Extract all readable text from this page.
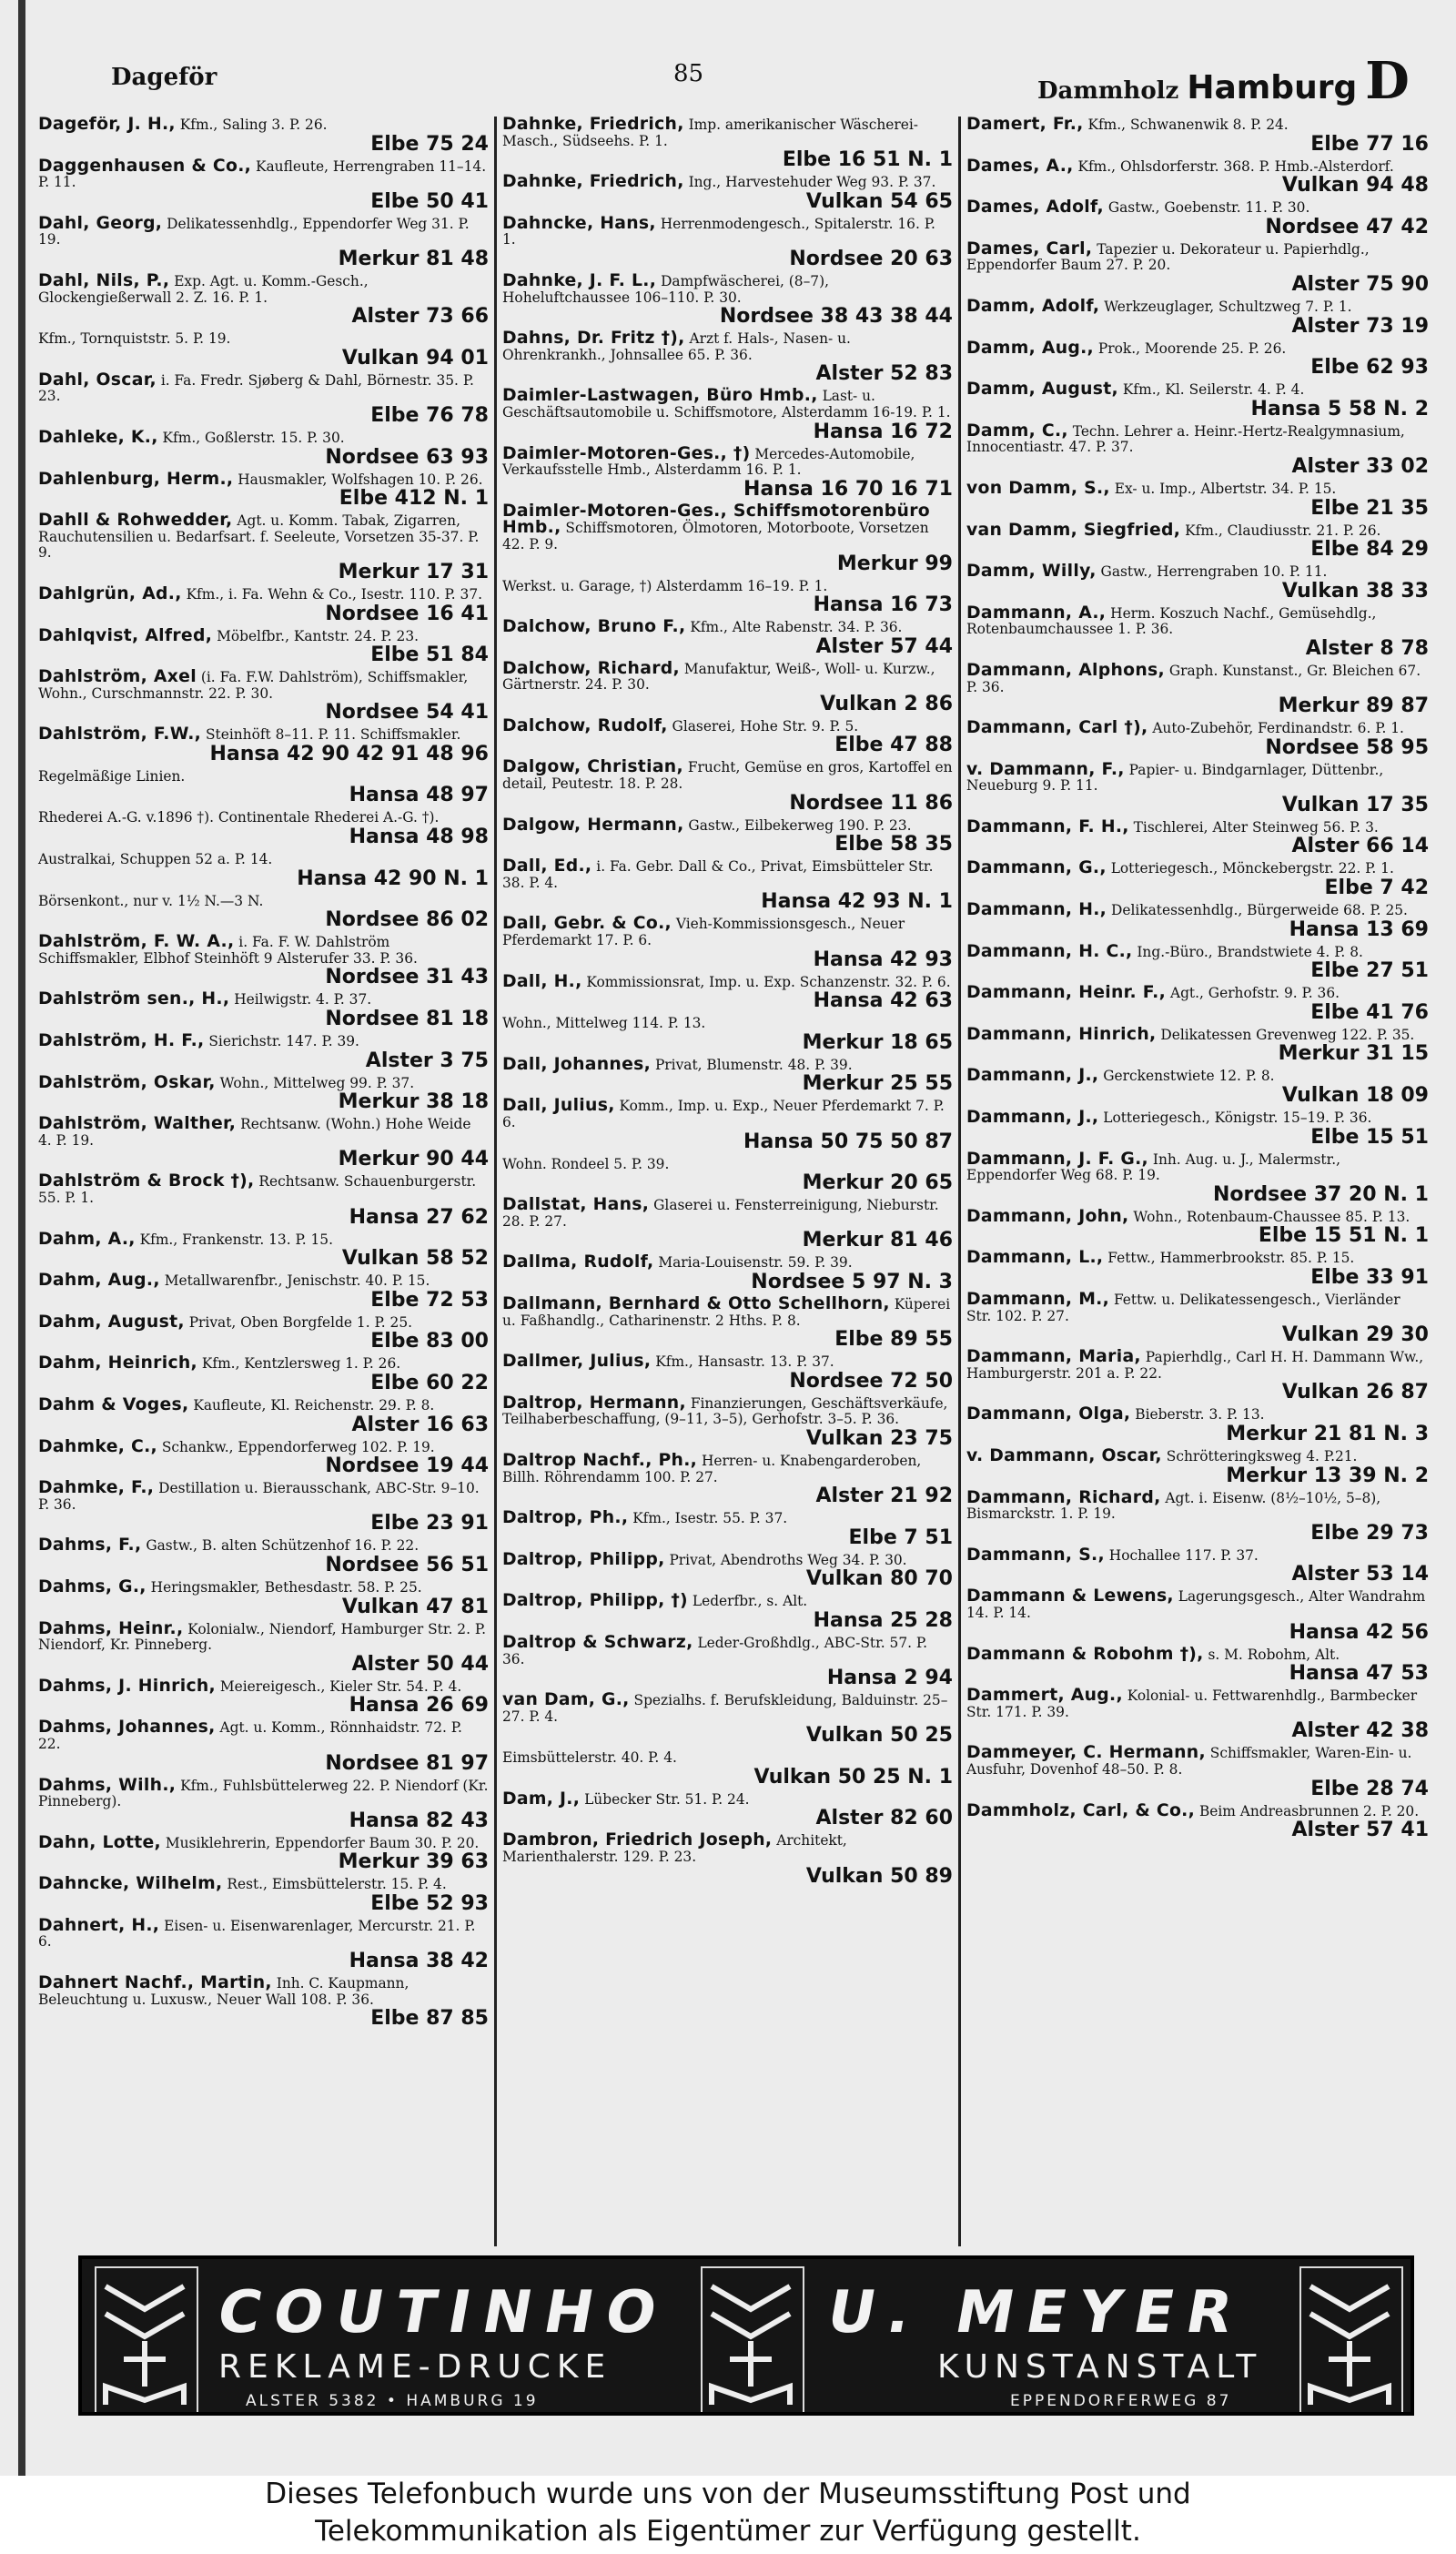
Dageför	85
Dammholz Hamburg D
Dageför, J. H., Kfm., Saling 3. P. 26.
Elbe 75 24
Daggenhausen & Co., Kaufleute, Herrengraben 11–14. P. 11.
Elbe 50 41
Dahl, Georg, Delikatessenhdlg., Eppendorfer Weg 31. P. 19.
Merkur 81 48
Dahl, Nils, P., Exp. Agt. u. Komm.-Gesch., Glockengießerwall 2. Z. 16. P. 1.
Alster 73 66
Kfm., Tornquiststr. 5. P. 19.
Vulkan 94 01
Dahl, Oscar, i. Fa. Fredr. Sjøberg & Dahl, Börnestr. 35. P. 23.
Elbe 76 78
Dahleke, K., Kfm., Goßlerstr. 15. P. 30.
Nordsee 63 93
Dahlenburg, Herm., Hausmakler, Wolfshagen 10. P. 26.
Elbe 412 N. 1
Dahll & Rohwedder, Agt. u. Komm. Tabak, Zigarren, Rauchutensilien u. Bedarfsart. f. Seeleute, Vorsetzen 35-37. P. 9.
Merkur 17 31
Dahlgrün, Ad., Kfm., i. Fa. Wehn & Co., Isestr. 110. P. 37.
Nordsee 16 41
Dahlqvist, Alfred, Möbelfbr., Kantstr. 24. P. 23.
Elbe 51 84
Dahlström, Axel (i. Fa. F.W. Dahlström), Schiffsmakler, Wohn., Curschmannstr. 22. P. 30.
Nordsee 54 41
Dahlström, F.W., Steinhöft 8–11. P. 11. Schiffsmakler.
Hansa 42 90 42 91 48 96
Regelmäßige Linien.
Hansa 48 97
Rhederei A.-G. v.1896 †). Continentale Rhederei A.-G. †).
Hansa 48 98
Australkai, Schuppen 52 a. P. 14.
Hansa 42 90 N. 1
Börsenkont., nur v. 1½ N.—3 N.
Nordsee 86 02
Dahlström, F. W. A., i. Fa. F. W. Dahlström Schiffsmakler, Elbhof Steinhöft 9 Alsterufer 33. P. 36.
Nordsee 31 43
Dahlström sen., H., Heilwigstr. 4. P. 37.
Nordsee 81 18
Dahlström, H. F., Sierichstr. 147. P. 39.
Alster 3 75
Dahlström, Oskar, Wohn., Mittelweg 99. P. 37.
Merkur 38 18
Dahlström, Walther, Rechtsanw. (Wohn.) Hohe Weide 4. P. 19.
Merkur 90 44
Dahlström & Brock †), Rechtsanw. Schauenburgerstr. 55. P. 1.
Hansa 27 62
Dahm, A., Kfm., Frankenstr. 13. P. 15.
Vulkan 58 52
Dahm, Aug., Metallwarenfbr., Jenischstr. 40. P. 15.
Elbe 72 53
Dahm, August, Privat, Oben Borgfelde 1. P. 25.
Elbe 83 00
Dahm, Heinrich, Kfm., Kentzlersweg 1. P. 26.
Elbe 60 22
Dahm & Voges, Kaufleute, Kl. Reichenstr. 29. P. 8.
Alster 16 63
Dahmke, C., Schankw., Eppendorferweg 102. P. 19.
Nordsee 19 44
Dahmke, F., Destillation u. Bierausschank, ABC-Str. 9–10. P. 36.
Elbe 23 91
Dahms, F., Gastw., B. alten Schützenhof 16. P. 22.
Nordsee 56 51
Dahms, G., Heringsmakler, Bethesdastr. 58. P. 25.
Vulkan 47 81
Dahms, Heinr., Kolonialw., Niendorf, Hamburger Str. 2. P. Niendorf, Kr. Pinneberg.
Alster 50 44
Dahms, J. Hinrich, Meiereigesch., Kieler Str. 54. P. 4.
Hansa 26 69
Dahms, Johannes, Agt. u. Komm., Rönnhaidstr. 72. P. 22.
Nordsee 81 97
Dahms, Wilh., Kfm., Fuhlsbüttelerweg 22. P. Niendorf (Kr. Pinneberg).
Hansa 82 43
Dahn, Lotte, Musiklehrerin, Eppendorfer Baum 30. P. 20.
Merkur 39 63
Dahncke, Wilhelm, Rest., Eimsbüttelerstr. 15. P. 4.
Elbe 52 93
Dahnert, H., Eisen- u. Eisenwarenlager, Mercurstr. 21. P. 6.
Hansa 38 42
Dahnert Nachf., Martin, Inh. C. Kaupmann, Beleuchtung u. Luxusw., Neuer Wall 108. P. 36.
Elbe 87 85
Dahnke, Friedrich, Imp. amerikanischer Wäscherei-Masch., Südseehs. P. 1.
Elbe 16 51 N. 1
Dahnke, Friedrich, Ing., Harvestehuder Weg 93. P. 37.
Vulkan 54 65
Dahncke, Hans, Herrenmodengesch., Spitalerstr. 16. P. 1.
Nordsee 20 63
Dahnke, J. F. L., Dampfwäscherei, (8–7), Hoheluftchaussee 106–110. P. 30.
Nordsee 38 43 38 44
Dahns, Dr. Fritz †), Arzt f. Hals-, Nasen- u. Ohrenkrankh., Johnsallee 65. P. 36.
Alster 52 83
Daimler-Lastwagen, Büro Hmb., Last- u. Geschäftsautomobile u. Schiffsmotore, Alsterdamm 16-19. P. 1.
Hansa 16 72
Daimler-Motoren-Ges., †) Mercedes-Automobile, Verkaufsstelle Hmb., Alsterdamm 16. P. 1.
Hansa 16 70 16 71
Daimler-Motoren-Ges., Schiffsmotorenbüro Hmb., Schiffsmotoren, Ölmotoren, Motorboote, Vorsetzen 42. P. 9.
Merkur 99
Werkst. u. Garage, †) Alsterdamm 16–19. P. 1.
Hansa 16 73
Dalchow, Bruno F., Kfm., Alte Rabenstr. 34. P. 36.
Alster 57 44
Dalchow, Richard, Manufaktur, Weiß-, Woll- u. Kurzw., Gärtnerstr. 24. P. 30.
Vulkan 2 86
Dalchow, Rudolf, Glaserei, Hohe Str. 9. P. 5.
Elbe 47 88
Dalgow, Christian, Frucht, Gemüse en gros, Kartoffel en detail, Peutestr. 18. P. 28.
Nordsee 11 86
Dalgow, Hermann, Gastw., Eilbekerweg 190. P. 23.
Elbe 58 35
Dall, Ed., i. Fa. Gebr. Dall & Co., Privat, Eimsbütteler Str. 38. P. 4.
Hansa 42 93 N. 1
Dall, Gebr. & Co., Vieh-Kommissionsgesch., Neuer Pferdemarkt 17. P. 6.
Hansa 42 93
Dall, H., Kommissionsrat, Imp. u. Exp. Schanzenstr. 32. P. 6.
Hansa 42 63
Wohn., Mittelweg 114. P. 13.
Merkur 18 65
Dall, Johannes, Privat, Blumenstr. 48. P. 39.
Merkur 25 55
Dall, Julius, Komm., Imp. u. Exp., Neuer Pferdemarkt 7. P. 6.
Hansa 50 75 50 87
Wohn. Rondeel 5. P. 39.
Merkur 20 65
Dallstat, Hans, Glaserei u. Fensterreinigung, Nieburstr. 28. P. 27.
Merkur 81 46
Dallma, Rudolf, Maria-Louisenstr. 59. P. 39.
Nordsee 5 97 N. 3
Dallmann, Bernhard & Otto Schellhorn, Küperei u. Faßhandlg., Catharinenstr. 2 Hths. P. 8.
Elbe 89 55
Dallmer, Julius, Kfm., Hansastr. 13. P. 37.
Nordsee 72 50
Daltrop, Hermann, Finanzierungen, Geschäftsverkäufe, Teilhaberbeschaffung, (9–11, 3–5), Gerhofstr. 3–5. P. 36.
Vulkan 23 75
Daltrop Nachf., Ph., Herren- u. Knabengarderoben, Billh. Röhrendamm 100. P. 27.
Alster 21 92
Daltrop, Ph., Kfm., Isestr. 55. P. 37.
Elbe 7 51
Daltrop, Philipp, Privat, Abendroths Weg 34. P. 30.
Vulkan 80 70
Daltrop, Philipp, †) Lederfbr., s. Alt.
Hansa 25 28
Daltrop & Schwarz, Leder-Großhdlg., ABC-Str. 57. P. 36.
Hansa 2 94
van Dam, G., Spezialhs. f. Berufskleidung, Balduinstr. 25–27. P. 4.
Vulkan 50 25
Eimsbüttelerstr. 40. P. 4.
Vulkan 50 25 N. 1
Dam, J., Lübecker Str. 51. P. 24.
Alster 82 60
Dambron, Friedrich Joseph, Architekt, Marienthalerstr. 129. P. 23.
Vulkan 50 89
Damert, Fr., Kfm., Schwanenwik 8. P. 24.
Elbe 77 16
Dames, A., Kfm., Ohlsdorferstr. 368. P. Hmb.-Alsterdorf.
Vulkan 94 48
Dames, Adolf, Gastw., Goebenstr. 11. P. 30.
Nordsee 47 42
Dames, Carl, Tapezier u. Dekorateur u. Papierhdlg., Eppendorfer Baum 27. P. 20.
Alster 75 90
Damm, Adolf, Werkzeuglager, Schultzweg 7. P. 1.
Alster 73 19
Damm, Aug., Prok., Moorende 25. P. 26.
Elbe 62 93
Damm, August, Kfm., Kl. Seilerstr. 4. P. 4.
Hansa 5 58 N. 2
Damm, C., Techn. Lehrer a. Heinr.-Hertz-Realgymnasium, Innocentiastr. 47. P. 37.
Alster 33 02
von Damm, S., Ex- u. Imp., Albertstr. 34. P. 15.
Elbe 21 35
van Damm, Siegfried, Kfm., Claudiusstr. 21. P. 26.
Elbe 84 29
Damm, Willy, Gastw., Herrengraben 10. P. 11.
Vulkan 38 33
Dammann, A., Herm. Koszuch Nachf., Gemüsehdlg., Rotenbaumchaussee 1. P. 36.
Alster 8 78
Dammann, Alphons, Graph. Kunstanst., Gr. Bleichen 67. P. 36.
Merkur 89 87
Dammann, Carl †), Auto-Zubehör, Ferdinandstr. 6. P. 1.
Nordsee 58 95
v. Dammann, F., Papier- u. Bindgarnlager, Düttenbr., Neueburg 9. P. 11.
Vulkan 17 35
Dammann, F. H., Tischlerei, Alter Steinweg 56. P. 3.
Alster 66 14
Dammann, G., Lotteriegesch., Mönckebergstr. 22. P. 1.
Elbe 7 42
Dammann, H., Delikatessenhdlg., Bürgerweide 68. P. 25.
Hansa 13 69
Dammann, H. C., Ing.-Büro., Brandstwiete 4. P. 8.
Elbe 27 51
Dammann, Heinr. F., Agt., Gerhofstr. 9. P. 36.
Elbe 41 76
Dammann, Hinrich, Delikatessen Grevenweg 122. P. 35.
Merkur 31 15
Dammann, J., Gerckenstwiete 12. P. 8.
Vulkan 18 09
Dammann, J., Lotteriegesch., Königstr. 15–19. P. 36.
Elbe 15 51
Dammann, J. F. G., Inh. Aug. u. J., Malermstr., Eppendorfer Weg 68. P. 19.
Nordsee 37 20 N. 1
Dammann, John, Wohn., Rotenbaum-Chaussee 85. P. 13.
Elbe 15 51 N. 1
Dammann, L., Fettw., Hammerbrookstr. 85. P. 15.
Elbe 33 91
Dammann, M., Fettw. u. Delikatessengesch., Vierländer Str. 102. P. 27.
Vulkan 29 30
Dammann, Maria, Papierhdlg., Carl H. H. Dammann Ww., Hamburgerstr. 201 a. P. 22.
Vulkan 26 87
Dammann, Olga, Bieberstr. 3. P. 13.
Merkur 21 81 N. 3
v. Dammann, Oscar, Schrötteringksweg 4. P.21.
Merkur 13 39 N. 2
Dammann, Richard, Agt. i. Eisenw. (8½–10½, 5–8), Bismarckstr. 1. P. 19.
Elbe 29 73
Dammann, S., Hochallee 117. P. 37.
Alster 53 14
Dammann & Lewens, Lagerungsgesch., Alter Wandrahm 14. P. 14.
Hansa 42 56
Dammann & Robohm †), s. M. Robohm, Alt.
Hansa 47 53
Dammert, Aug., Kolonial- u. Fettwarenhdlg., Barmbecker Str. 171. P. 39.
Alster 42 38
Dammeyer, C. Hermann, Schiffsmakler, Waren-Ein- u. Ausfuhr, Dovenhof 48–50. P. 8.
Elbe 28 74
Dammholz, Carl, & Co., Beim Andreasbrunnen 2. P. 20.
Alster 57 41
COUTINHO
REKLAME-DRUCKE
ALSTER 5382 • HAMBURG 19
U. MEYER
KUNSTANSTALT
EPPENDORFERWEG 87
Dieses Telefonbuch wurde uns von der Museumsstiftung Post und
Telekommunikation als Eigentümer zur Verfügung gestellt.
